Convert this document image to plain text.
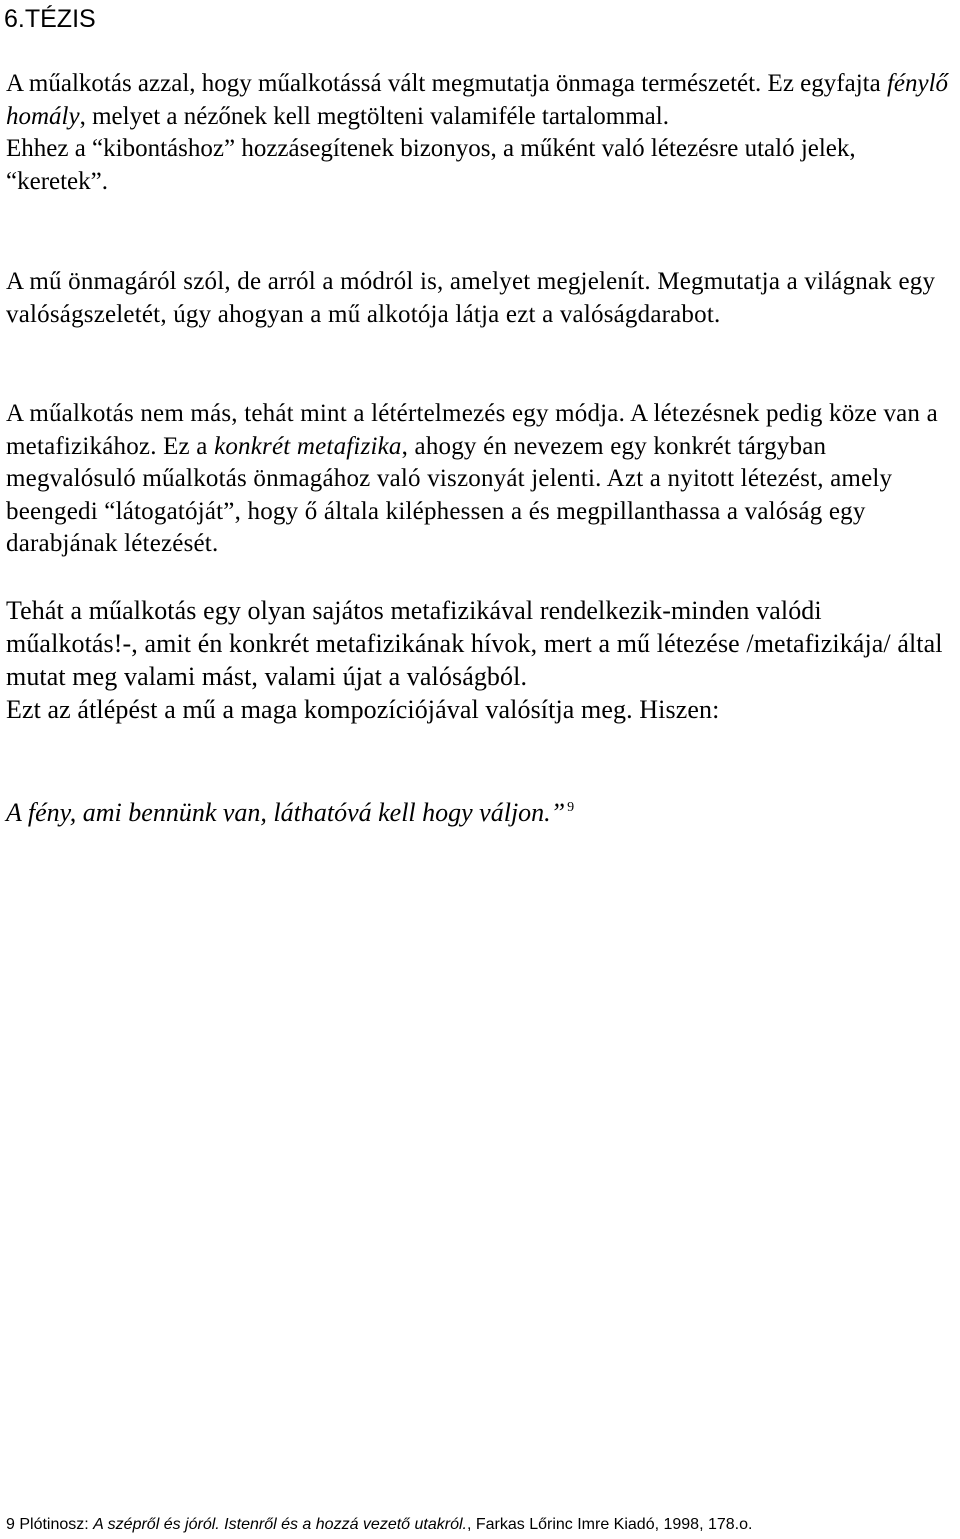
6.TÉZIS

A műalkotás azzal, hogy műalkotássá vált megmutatja önmaga természetét. Ez egyfajta fénylő homály, melyet a nézőnek kell megtölteni valamiféle tartalommal.
Ehhez a “kibontáshoz” hozzásegítenek bizonyos, a műként való létezésre utaló jelek, “keretek”.

A mű önmagáról szól, de arról a módról is, amelyet megjelenít. Megmutatja a világnak egy valóságszeletét, úgy ahogyan a mű alkotója látja ezt a valóságdarabot.

A műalkotás nem más, tehát mint a létértelmezés egy módja. A létezésnek pedig köze van a metafizikához. Ez a konkrét metafizika, ahogy én nevezem egy konkrét tárgyban megvalósuló műalkotás önmagához való viszonyát jelenti. Azt a nyitott létezést, amely beengedi “látogatóját”, hogy ő általa kiléphessen a és megpillanthassa a valóság egy darabjának létezését.

Tehát a műalkotás egy olyan sajátos metafizikával rendelkezik-minden valódi műalkotás!-, amit én konkrét metafizikának hívok, mert a mű létezése /metafizikája/ által mutat meg valami mást, valami újat a valóságból.
Ezt az átlépést a mű a maga kompozíciójával valósítja meg. Hiszen:

A fény, ami bennünk van, láthatóvá kell hogy váljon.” $^9$
9 Plótinosz: A szépről és jóról. Istenről és a hozzá vezető utakról., Farkas Lőrinc Imre Kiadó, 1998, 178.o.
